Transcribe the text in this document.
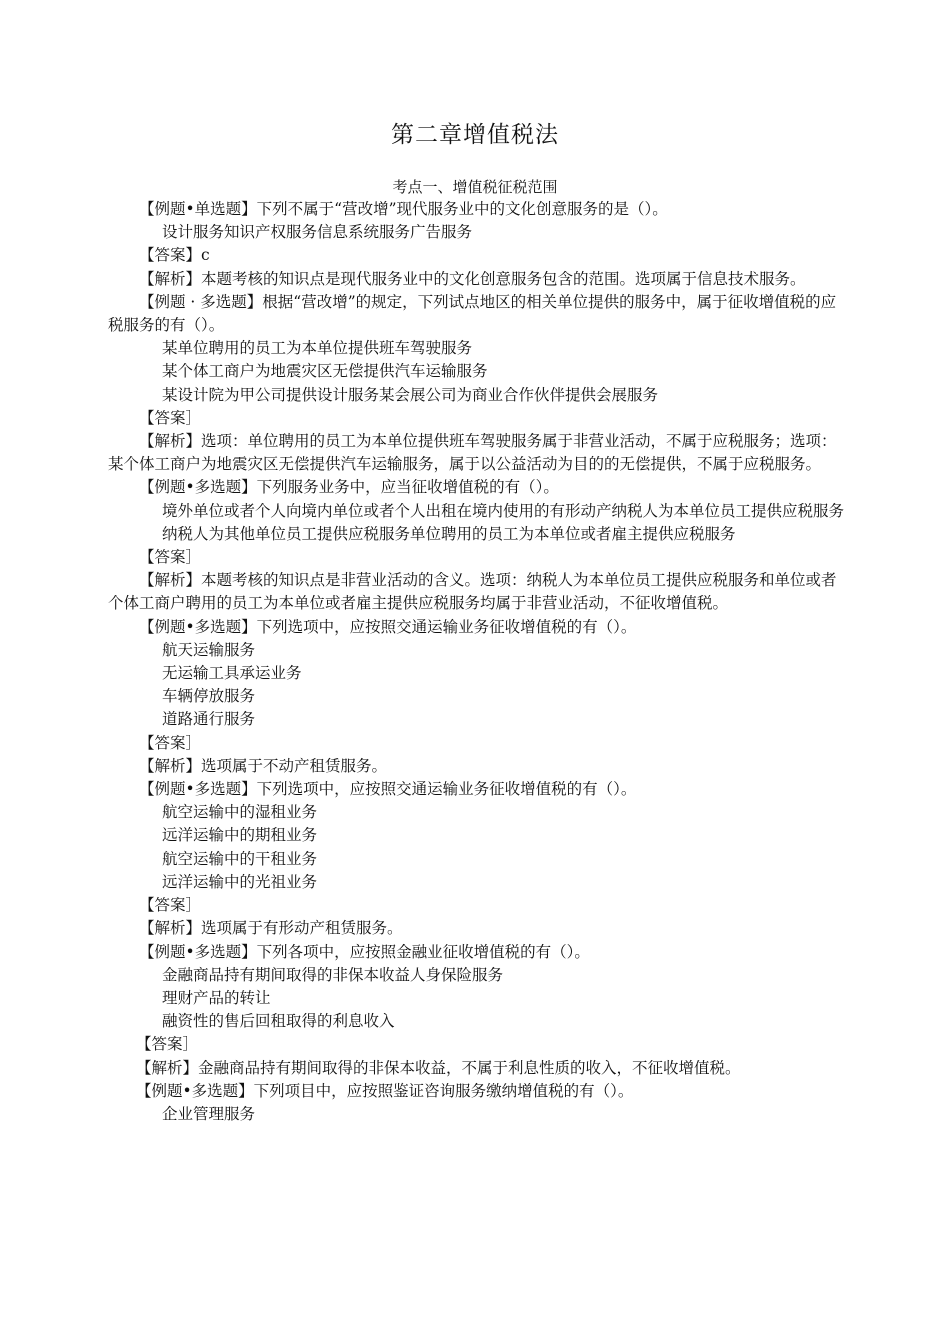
第二章增值税法
考点一、增值税征税范围

【例题•单选题】下列不属于“营改增”现代服务业中的文化创意服务的是（）。

设计服务知识产权服务信息系统服务广告服务

【答案】c

【解析】本题考核的知识点是现代服务业中的文化创意服务包含的范围。选项属于信息技术服务。

【例题 · 多选题】根据“营改增”的规定，下列试点地区的相关单位提供的服务中，属于征收增值税的应税服务的有（）。

某单位聘用的员工为本单位提供班车驾驶服务

某个体工商户为地震灾区无偿提供汽车运输服务

某设计院为甲公司提供设计服务某会展公司为商业合作伙伴提供会展服务

【答案］

【解析】选项：单位聘用的员工为本单位提供班车驾驶服务属于非营业活动，不属于应税服务；选项：某个体工商户为地震灾区无偿提供汽车运输服务，属于以公益活动为目的的无偿提供，不属于应税服务。

【例题•多选题】下列服务业务中，应当征收增值税的有（）。

境外单位或者个人向境内单位或者个人出租在境内使用的有形动产纳税人为本单位员工提供应税服务纳税人为其他单位员工提供应税服务单位聘用的员工为本单位或者雇主提供应税服务

【答案］

【解析】本题考核的知识点是非营业活动的含义。选项：纳税人为本单位员工提供应税服务和单位或者个体工商户聘用的员工为本单位或者雇主提供应税服务均属于非营业活动，不征收增值税。

【例题•多选题】下列选项中，应按照交通运输业务征收增值税的有（）。

航天运输服务

无运输工具承运业务

车辆停放服务

道路通行服务

【答案］

【解析】选项属于不动产租赁服务。

【例题•多选题】下列选项中，应按照交通运输业务征收增值税的有（）。

航空运输中的湿租业务

远洋运输中的期租业务

航空运输中的干租业务

远洋运输中的光祖业务

【答案］

【解析】选项属于有形动产租赁服务。

【例题•多选题】下列各项中，应按照金融业征收增值税的有（）。

金融商品持有期间取得的非保本收益人身保险服务

理财产品的转让

融资性的售后回租取得的利息收入

【答案］

【解析】金融商品持有期间取得的非保本收益，不属于利息性质的收入，不征收增值税。

【例题•多选题】下列项目中，应按照鉴证咨询服务缴纳增值税的有（）。

企业管理服务
